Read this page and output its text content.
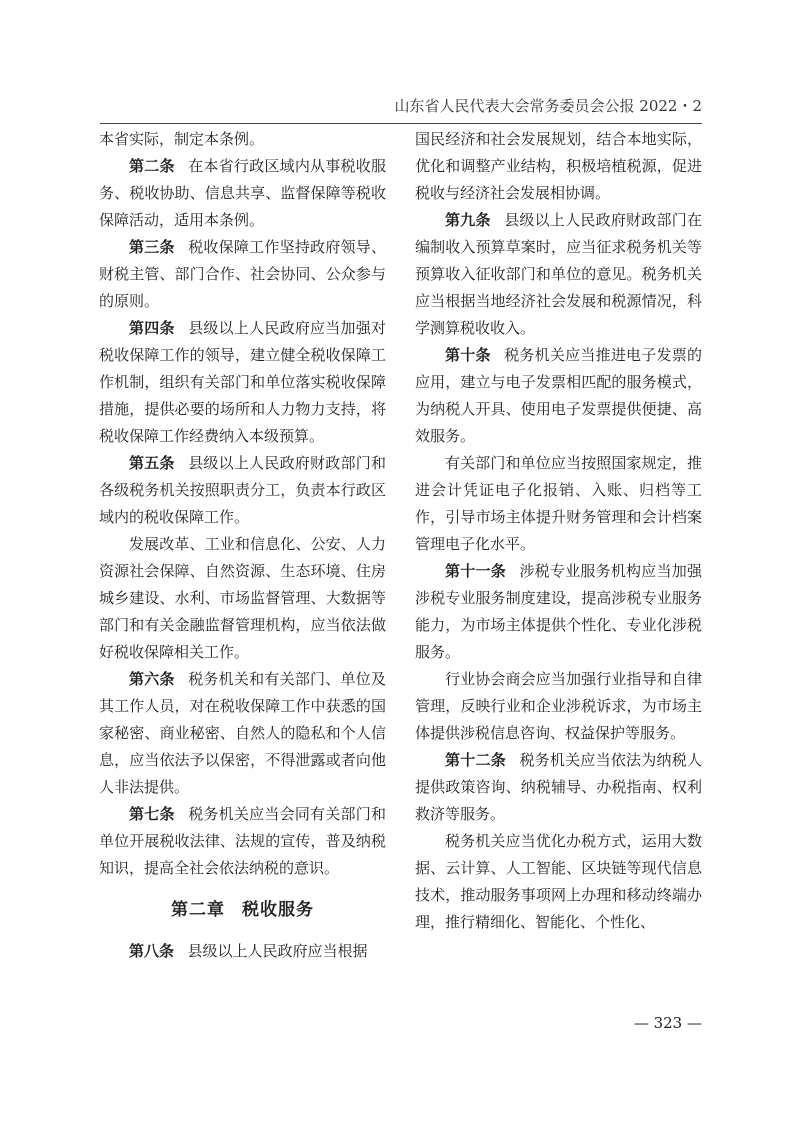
山东省人民代表大会常务委员会公报 2022・2

本省实际，制定本条例。

第二条 在本省行政区域内从事税收服务、税收协助、信息共享、监督保障等税收保障活动，适用本条例。

第三条 税收保障工作坚持政府领导、财税主管、部门合作、社会协同、公众参与的原则。

第四条 县级以上人民政府应当加强对税收保障工作的领导，建立健全税收保障工作机制，组织有关部门和单位落实税收保障措施，提供必要的场所和人力物力支持，将税收保障工作经费纳入本级预算。

第五条 县级以上人民政府财政部门和各级税务机关按照职责分工，负责本行政区域内的税收保障工作。

发展改革、工业和信息化、公安、人力资源社会保障、自然资源、生态环境、住房城乡建设、水利、市场监督管理、大数据等部门和有关金融监督管理机构，应当依法做好税收保障相关工作。

第六条 税务机关和有关部门、单位及其工作人员，对在税收保障工作中获悉的国家秘密、商业秘密、自然人的隐私和个人信息，应当依法予以保密，不得泄露或者向他人非法提供。

第七条 税务机关应当会同有关部门和单位开展税收法律、法规的宣传，普及纳税知识，提高全社会依法纳税的意识。

第二章 税收服务

第八条 县级以上人民政府应当根据

国民经济和社会发展规划，结合本地实际，优化和调整产业结构，积极培植税源，促进税收与经济社会发展相协调。

第九条 县级以上人民政府财政部门在编制收入预算草案时，应当征求税务机关等预算收入征收部门和单位的意见。税务机关应当根据当地经济社会发展和税源情况，科学测算税收收入。

第十条 税务机关应当推进电子发票的应用，建立与电子发票相匹配的服务模式，为纳税人开具、使用电子发票提供便捷、高效服务。

有关部门和单位应当按照国家规定，推进会计凭证电子化报销、入账、归档等工作，引导市场主体提升财务管理和会计档案管理电子化水平。

第十一条 涉税专业服务机构应当加强涉税专业服务制度建设，提高涉税专业服务能力，为市场主体提供个性化、专业化涉税服务。

行业协会商会应当加强行业指导和自律管理，反映行业和企业涉税诉求，为市场主体提供涉税信息咨询、权益保护等服务。

第十二条 税务机关应当依法为纳税人提供政策咨询、纳税辅导、办税指南、权利救济等服务。

税务机关应当优化办税方式，运用大数据、云计算、人工智能、区块链等现代信息技术，推动服务事项网上办理和移动终端办理，推行精细化、智能化、个性化、

— 323 —
